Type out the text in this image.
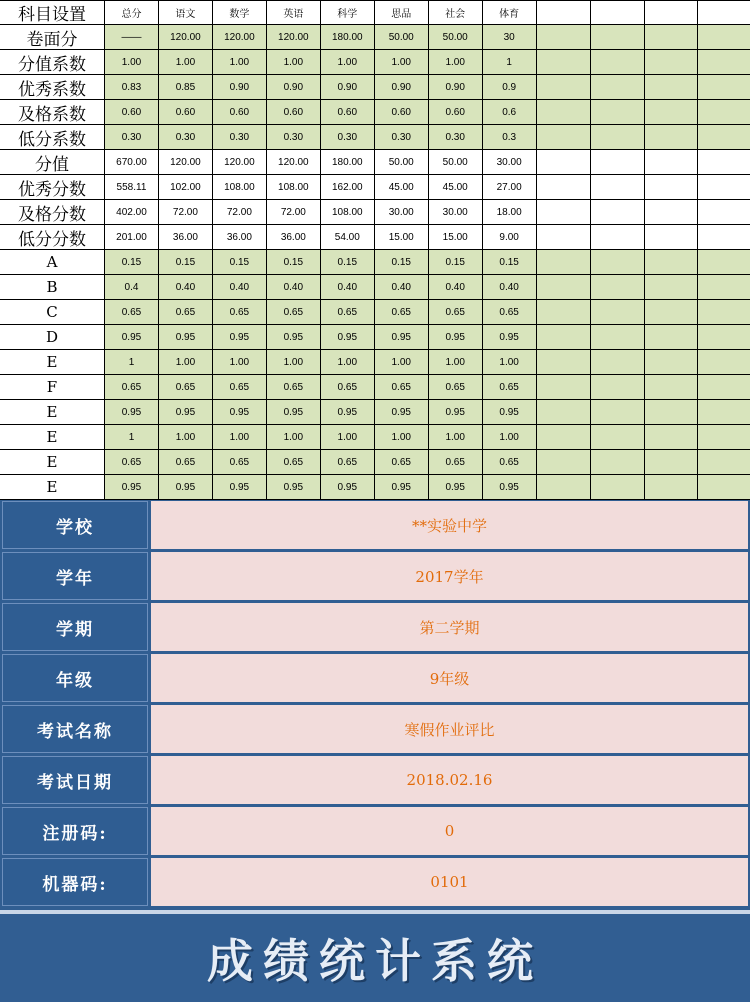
科目设置	总分	语文	数学	英语	科学	思品	社会	体育
卷面分	——	120.00	120.00	120.00	180.00	50.00	50.00	30
分值系数	1.00	1.00	1.00	1.00	1.00	1.00	1.00	1
优秀系数	0.83	0.85	0.90	0.90	0.90	0.90	0.90	0.9
及格系数	0.60	0.60	0.60	0.60	0.60	0.60	0.60	0.6
低分系数	0.30	0.30	0.30	0.30	0.30	0.30	0.30	0.3
分值	670.00	120.00	120.00	120.00	180.00	50.00	50.00	30.00
优秀分数	558.11	102.00	108.00	108.00	162.00	45.00	45.00	27.00
及格分数	402.00	72.00	72.00	72.00	108.00	30.00	30.00	18.00
低分分数	201.00	36.00	36.00	36.00	54.00	15.00	15.00	9.00
A	0.15	0.15	0.15	0.15	0.15	0.15	0.15	0.15
B	0.4	0.40	0.40	0.40	0.40	0.40	0.40	0.40
C	0.65	0.65	0.65	0.65	0.65	0.65	0.65	0.65
D	0.95	0.95	0.95	0.95	0.95	0.95	0.95	0.95
E	1	1.00	1.00	1.00	1.00	1.00	1.00	1.00
F	0.65	0.65	0.65	0.65	0.65	0.65	0.65	0.65
E	0.95	0.95	0.95	0.95	0.95	0.95	0.95	0.95
E	1	1.00	1.00	1.00	1.00	1.00	1.00	1.00
E	0.65	0.65	0.65	0.65	0.65	0.65	0.65	0.65
E	0.95	0.95	0.95	0.95	0.95	0.95	0.95	0.95
学校	**实验中学
学年	2017学年
学期	第二学期
年级	9年级
考试名称	寒假作业评比
考试日期	2018.02.16
注册码:	0
机器码:	0101
成绩统计系统
